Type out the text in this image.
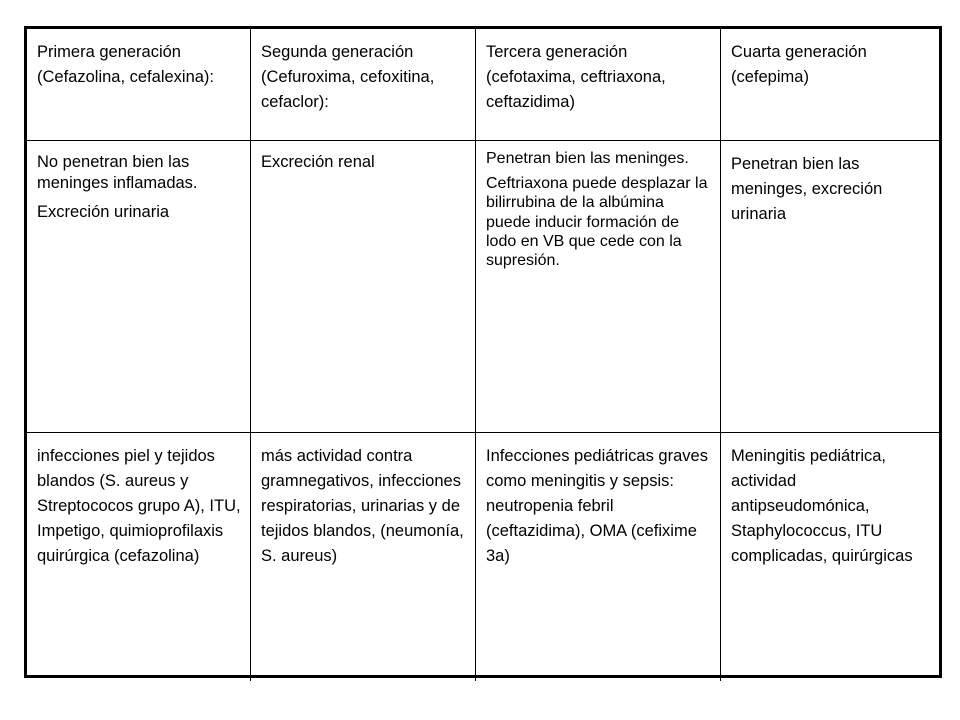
Primera generación (Cefazolina, cefalexina):
Segunda generación (Cefuroxima, cefoxitina, cefaclor):
Tercera generación (cefotaxima, ceftriaxona, ceftazidima)
Cuarta generación (cefepima)

No penetran bien las meninges inflamadas.

Excreción urinaria

Excreción renal	Penetran bien las meninges.

Ceftriaxona puede desplazar la bilirrubina de la albúmina puede inducir formación de lodo en VB que cede con la supresión.

Penetran bien las meninges, excreción urinaria

infecciones piel y tejidos blandos (S. aureus y Streptococos grupo A), ITU, Impetigo, quimioprofilaxis quirúrgica (cefazolina)
más actividad contra gramnegativos, infecciones respiratorias, urinarias y de tejidos blandos, (neumonía, S. aureus)
Infecciones pediátricas graves como meningitis y sepsis: neutropenia febril (ceftazidima), OMA (cefixime 3a)
Meningitis pediátrica, actividad antipseudomónica, Staphylococcus, ITU complicadas, quirúrgicas
